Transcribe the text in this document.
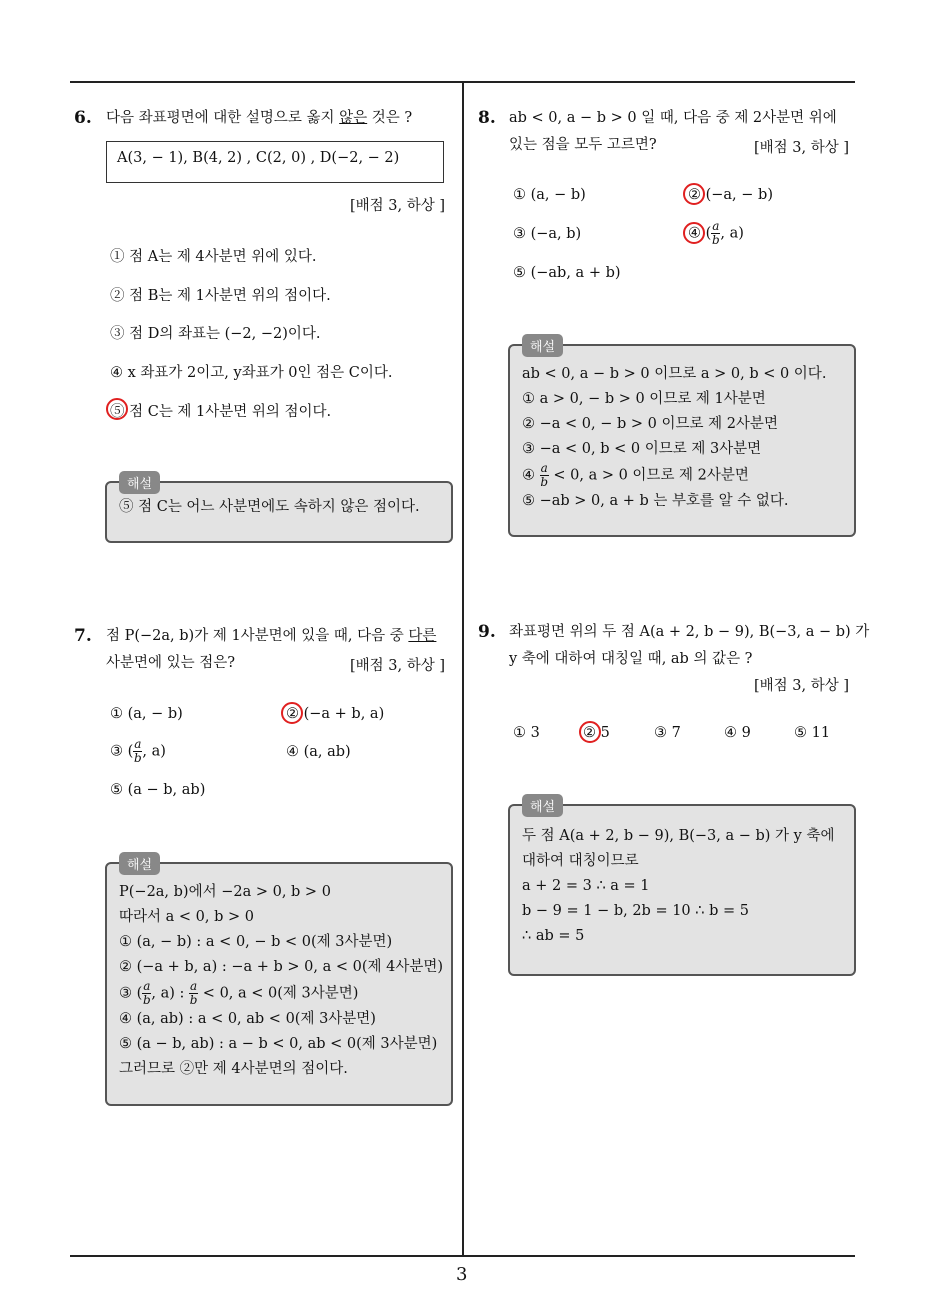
3
6. 다음 좌표평면에 대한 설명으로 옳지 않은 것은 ?
A(3, − 1), B(4, 2) , C(2, 0) , D(−2, − 2)
[배점 3, 하상 ]
① 점 A는 제 4사분면 위에 있다.
② 점 B는 제 1사분면 위의 점이다.
③ 점 D의 좌표는 (−2, −2)이다.
④ x 좌표가 2이고, y좌표가 0인 점은 C이다.
⑤ 점 C는 제 1사분면 위의 점이다.
해설
⑤ 점 C는 어느 사분면에도 속하지 않은 점이다.
7. 점 P(−2a, b)가 제 1사분면에 있을 때, 다음 중 다른
사분면에 있는 점은?	[배점 3, 하상 ]
① (a, − b)	② (−a + b, a)
③ ( $\frac{a}{b}$ , a)	④ (a, ab)
⑤ (a − b, ab)
해설
P(−2a, b)에서 −2a > 0, b > 0
따라서 a < 0, b > 0
① (a, − b) : a < 0, − b < 0(제 3사분면)
② (−a + b, a) : −a + b > 0, a < 0(제 4사분면)
③ ( $\frac{a}{b}$ , a) : $\frac{a}{b} < 0$, a < 0(제 3사분면)
④ (a, ab) : a < 0, ab < 0(제 3사분면)
⑤ (a − b, ab) : a − b < 0, ab < 0(제 3사분면)
그러므로 ②만 제 4사분면의 점이다.
8. ab < 0, a − b > 0 일 때, 다음 중 제 2사분면 위에
있는 점을 모두 고르면?	[배점 3, 하상 ]
① (a, − b)	② (−a, − b)
③ (−a, b)	④ ( $\frac{a}{b}$ , a)
⑤ (−ab, a + b)
해설
ab < 0, a − b > 0 이므로 a > 0, b < 0 이다.
① a > 0, − b > 0 이므로 제 1사분면
② −a < 0, − b > 0 이므로 제 2사분면
③ −a < 0, b < 0 이므로 제 3사분면
④ $\frac{a}{b} < 0$, a > 0 이므로 제 2사분면
⑤ −ab > 0, a + b 는 부호를 알 수 없다.
9. 좌표평면 위의 두 점 A(a + 2, b − 9), B(−3, a − b) 가
y 축에 대하여 대칭일 때, ab 의 값은 ?
[배점 3, 하상 ]
① 3	② 5	③ 7	④ 9	⑤ 11
해설
두 점 A(a + 2, b − 9), B(−3, a − b) 가 y 축에
대하여 대칭이므로
a + 2 = 3 ∴ a = 1
b − 9 = 1 − b, 2b = 10 ∴ b = 5
∴ ab = 5
